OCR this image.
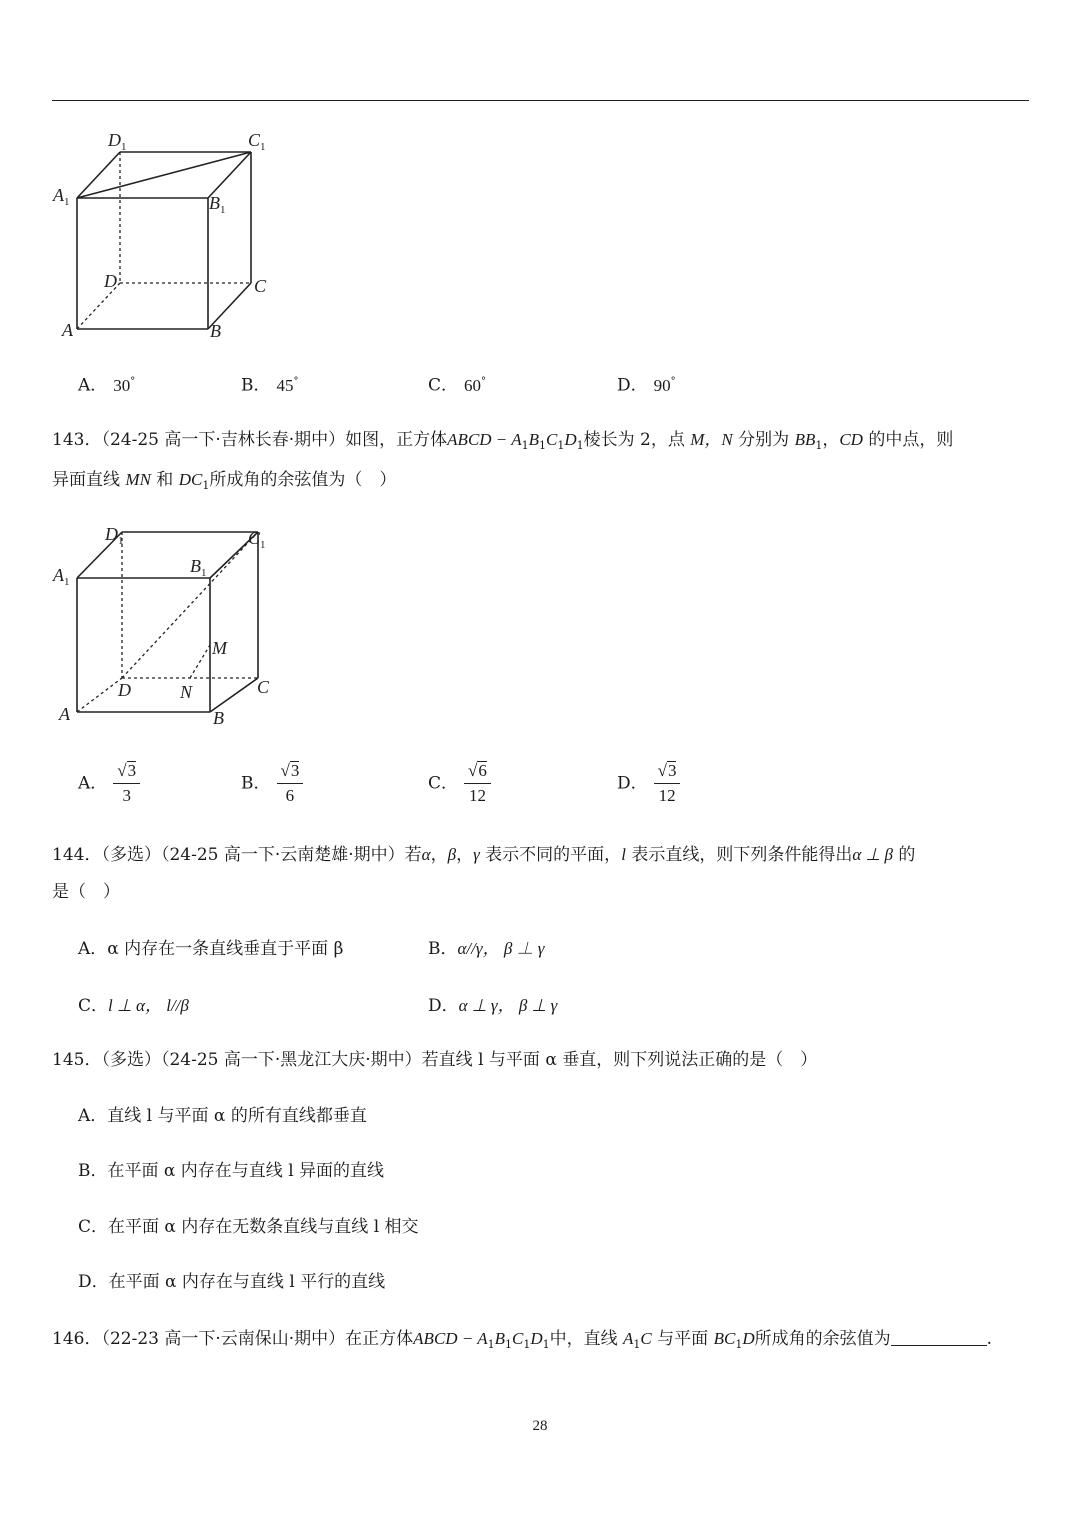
$D_1$	$C_1$
$A_1$	$B_1$
D	C
A	B
A． 30°	B． 45°	C． 60°	D． 90°
143．（24-25 高一下·吉林长春·期中）如图，正方体ABCD − $A_1B_1C_1D_1$棱长为 2，点 M，N 分别为 $BB_1$，CD 的中点，则
异面直线 MN 和 $DC_1$所成角的余弦值为（　）
$D_1$	$C_1$
$A_1$
$B_1$
M
D	N	C
A	B
A． $\frac{√3}{3}$	B． $\frac{√3}{6}$	C． $\frac{√6}{12}$	D． $\frac{√3}{12}$
144．（多选）（24-25 高一下·云南楚雄·期中）若α，β，γ 表示不同的平面，l 表示直线，则下列条件能得出α ⊥ β 的
是（　）
A．α 内存在一条直线垂直于平面 β	B．α//γ， β ⊥ γ
C．l ⊥ α， l//β	D．α ⊥ γ， β ⊥ γ
145．（多选）（24-25 高一下·黑龙江大庆·期中）若直线 l 与平面 α 垂直，则下列说法正确的是（　）
A．直线 l 与平面 α 的所有直线都垂直
B．在平面 α 内存在与直线 l 异面的直线
C．在平面 α 内存在无数条直线与直线 l 相交
D．在平面 α 内存在与直线 l 平行的直线
146．（22-23 高一下·云南保山·期中）在正方体ABCD − $A_1B_1C_1D_1$中，直线 $A_1C$ 与平面 $BC_1D$所成角的余弦值为	.
28
